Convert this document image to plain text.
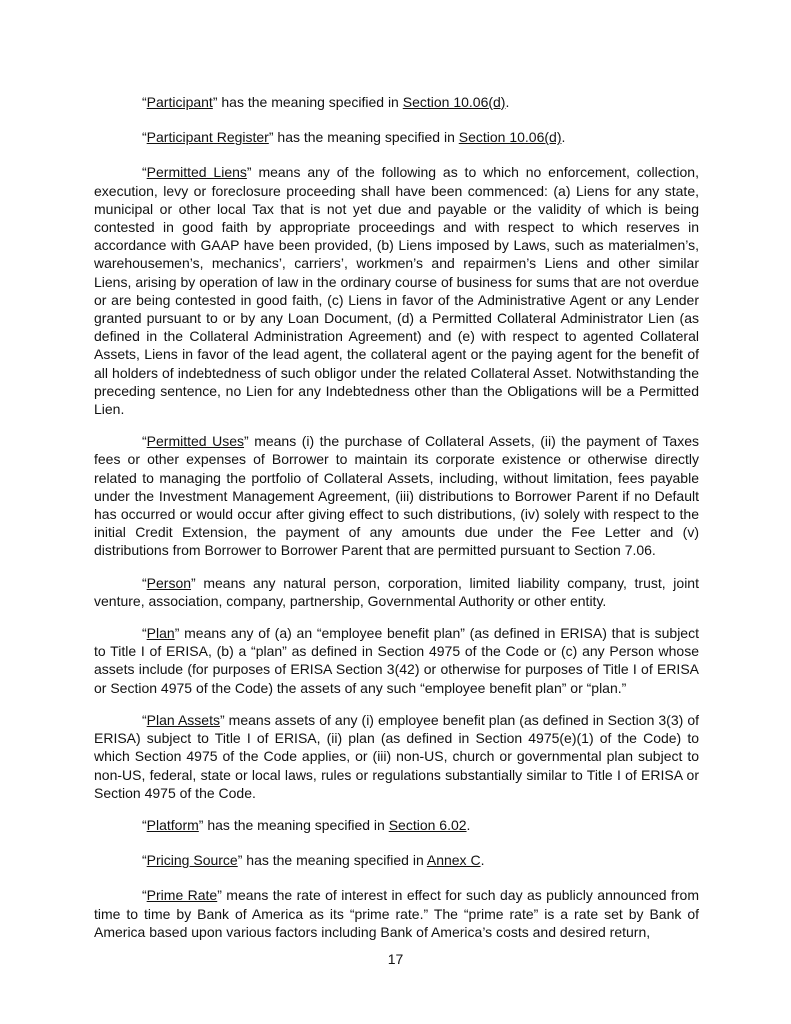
“Participant” has the meaning specified in Section 10.06(d).

“Participant Register” has the meaning specified in Section 10.06(d).

“Permitted Liens” means any of the following as to which no enforcement, collection, execution, levy or foreclosure proceeding shall have been commenced: (a) Liens for any state, municipal or other local Tax that is not yet due and payable or the validity of which is being contested in good faith by appropriate proceedings and with respect to which reserves in accordance with GAAP have been provided, (b) Liens imposed by Laws, such as materialmen’s, warehousemen’s, mechanics’, carriers’, workmen’s and repairmen’s Liens and other similar Liens, arising by operation of law in the ordinary course of business for sums that are not overdue or are being contested in good faith, (c) Liens in favor of the Administrative Agent or any Lender granted pursuant to or by any Loan Document, (d) a Permitted Collateral Administrator Lien (as defined in the Collateral Administration Agreement) and (e) with respect to agented Collateral Assets, Liens in favor of the lead agent, the collateral agent or the paying agent for the benefit of all holders of indebtedness of such obligor under the related Collateral Asset. Notwithstanding the preceding sentence, no Lien for any Indebtedness other than the Obligations will be a Permitted Lien.

“Permitted Uses” means (i) the purchase of Collateral Assets, (ii) the payment of Taxes fees or other expenses of Borrower to maintain its corporate existence or otherwise directly related to managing the portfolio of Collateral Assets, including, without limitation, fees payable under the Investment Management Agreement, (iii) distributions to Borrower Parent if no Default has occurred or would occur after giving effect to such distributions, (iv) solely with respect to the initial Credit Extension, the payment of any amounts due under the Fee Letter and (v) distributions from Borrower to Borrower Parent that are permitted pursuant to Section 7.06.

“Person” means any natural person, corporation, limited liability company, trust, joint venture, association, company, partnership, Governmental Authority or other entity.

“Plan” means any of (a) an “employee benefit plan” (as defined in ERISA) that is subject to Title I of ERISA, (b) a “plan” as defined in Section 4975 of the Code or (c) any Person whose assets include (for purposes of ERISA Section 3(42) or otherwise for purposes of Title I of ERISA or Section 4975 of the Code) the assets of any such “employee benefit plan” or “plan.”

“Plan Assets” means assets of any (i) employee benefit plan (as defined in Section 3(3) of ERISA) subject to Title I of ERISA, (ii) plan (as defined in Section 4975(e)(1) of the Code) to which Section 4975 of the Code applies, or (iii) non-US, church or governmental plan subject to non-US, federal, state or local laws, rules or regulations substantially similar to Title I of ERISA or Section 4975 of the Code.

“Platform” has the meaning specified in Section 6.02.

“Pricing Source” has the meaning specified in Annex C.

“Prime Rate” means the rate of interest in effect for such day as publicly announced from time to time by Bank of America as its “prime rate.” The “prime rate” is a rate set by Bank of America based upon various factors including Bank of America’s costs and desired return,

17
